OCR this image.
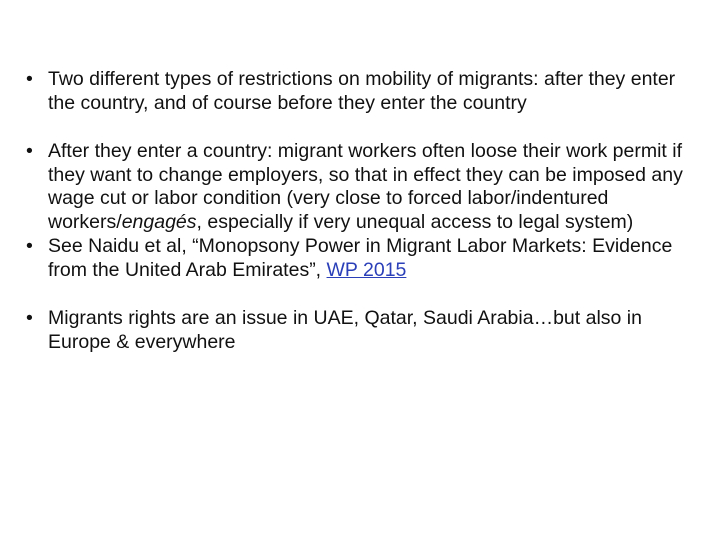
• Two different types of restrictions on mobility of migrants: after they enter the country, and of course before they enter the country
• After they enter a country: migrant workers often loose their work permit if they want to change employers, so that in effect they can be imposed any wage cut or labor condition (very close to forced labor/indentured workers/engagés, especially if very unequal access to legal system)
• See Naidu et al, “Monopsony Power in Migrant Labor Markets: Evidence from the United Arab Emirates”, WP 2015
• Migrants rights are an issue in UAE, Qatar, Saudi Arabia…but also in Europe & everywhere
